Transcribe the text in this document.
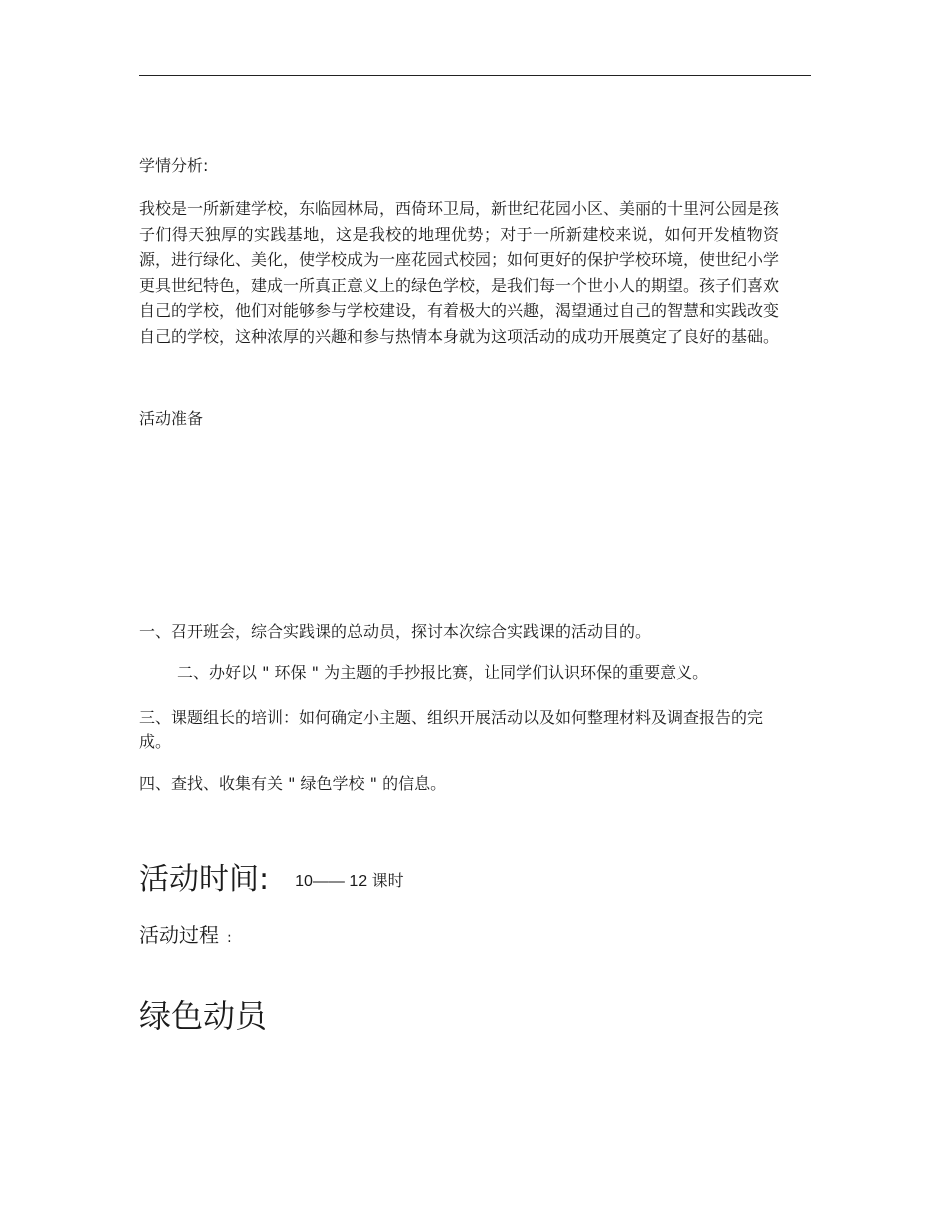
学情分析:
我校是一所新建学校，东临园林局，西倚环卫局，新世纪花园小区、美丽的十里河公园是孩子们得天独厚的实践基地，这是我校的地理优势；对于一所新建校来说，如何开发植物资源，进行绿化、美化，使学校成为一座花园式校园；如何更好的保护学校环境，使世纪小学更具世纪特色，建成一所真正意义上的绿色学校，是我们每一个世小人的期望。孩子们喜欢自己的学校，他们对能够参与学校建设，有着极大的兴趣，渴望通过自己的智慧和实践改变自己的学校，这种浓厚的兴趣和参与热情本身就为这项活动的成功开展奠定了良好的基础。
活动准备
一、召开班会，综合实践课的总动员，探讨本次综合实践课的活动目的。
二、办好以 " 环保 " 为主题的手抄报比赛，让同学们认识环保的重要意义。
三、课题组长的培训：如何确定小主题、组织开展活动以及如何整理材料及调查报告的完成。
四、查找、收集有关 " 绿色学校 " 的信息。
活动时间: 10—— 12 课时
活动过程 :
绿色动员
